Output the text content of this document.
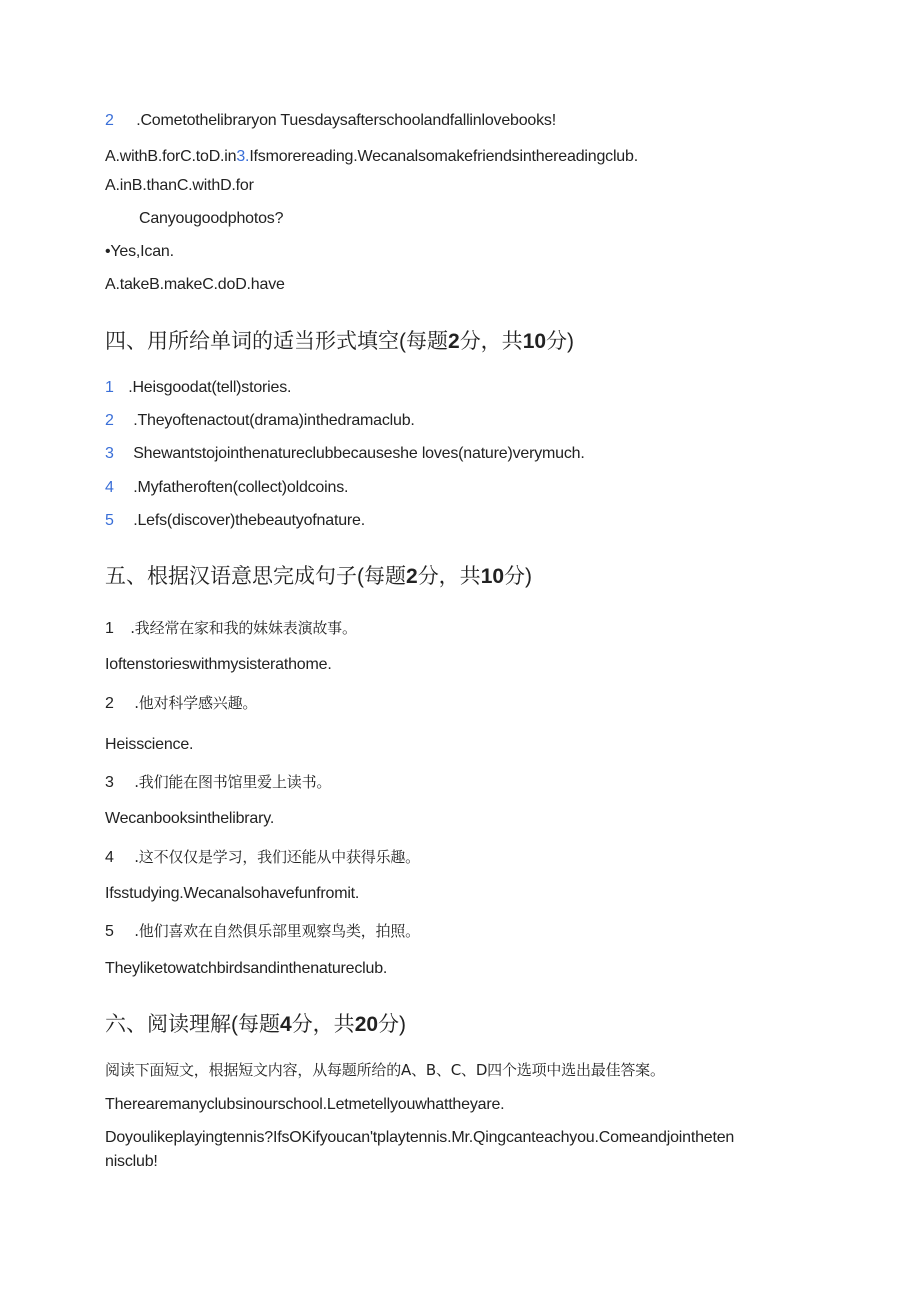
2 .Cometothelibraryon Tuesdaysafterschoolandfallinlovebooks!
A.withB.forC.toD.in3.Ifsmorereading.Wecanalsomakefriendsinthereadingclub.
A.inB.thanC.withD.for
Canyougoodphotos?
•Yes,Ican.
A.takeB.makeC.doD.have
四、用所给单词的适当形式填空(每题2分，共10分)
1 .Heisgoodat(tell)stories.
2 .Theyoftenactout(drama)inthedramaclub.
3 Shewantstojointhenatureclubbecauseshe loves(nature)verymuch.
4 .Myfatheroften(collect)oldcoins.
5 .Lefs(discover)thebeautyofnature.
五、根据汉语意思完成句子(每题2分，共10分)
1 .我经常在家和我的妹妹表演故事。
Ioftenstorieswithmysisterathome.
2 .他对科学感兴趣。
Heisscience.
3 .我们能在图书馆里爱上读书。
Wecanbooksinthelibrary.
4 .这不仅仅是学习，我们还能从中获得乐趣。
Ifsstudying.Wecanalsohavefunfromit.
5 .他们喜欢在自然俱乐部里观察鸟类，拍照。
Theyliketowatchbirdsandinthenatureclub.
六、阅读理解(每题4分，共20分)
阅读下面短文，根据短文内容，从每题所给的A、B、C、D四个选项中选出最佳答案。
Therearemanyclubsinourschool.Letmetellyouwhattheyare.
Doyoulikeplayingtennis?IfsOKifyoucan'tplaytennis.Mr.Qingcanteachyou.Comeandjointheten
nisclub!
